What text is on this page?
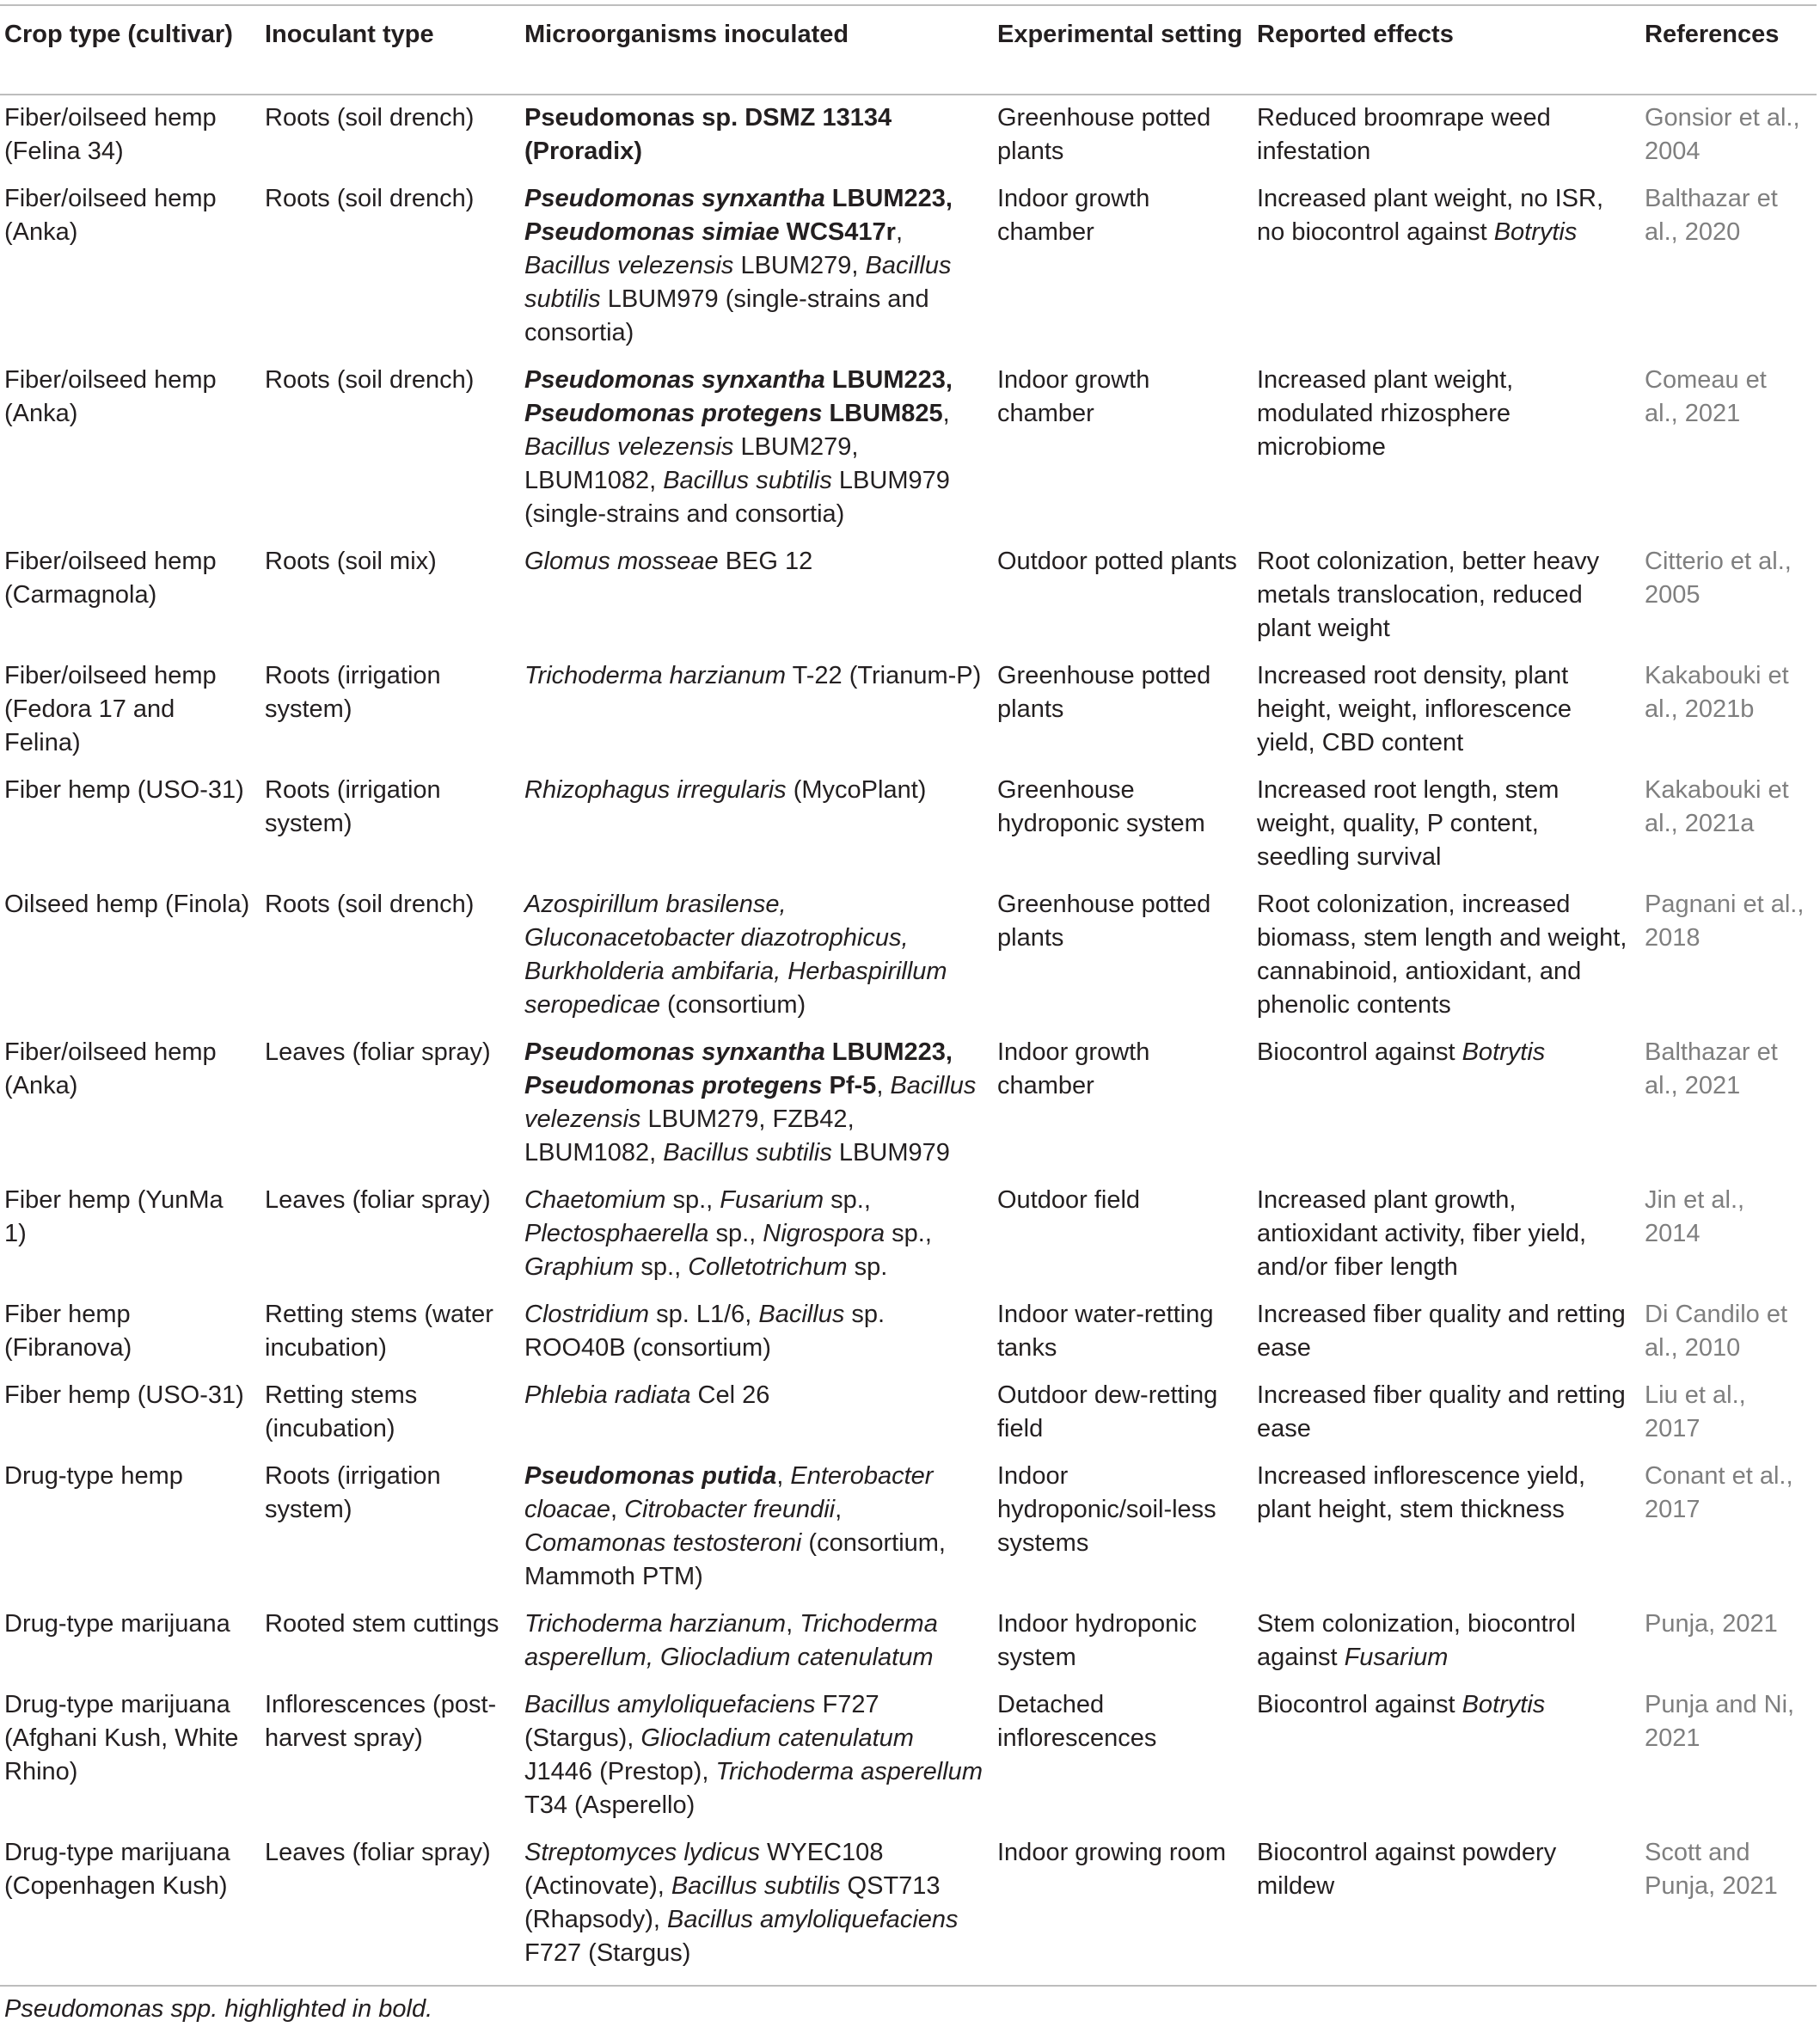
Crop type (cultivar)	Inoculant type	Microorganisms inoculated	Experimental setting	Reported effects	References
Fiber/oilseed hemp (Felina 34)	Roots (soil drench)	Pseudomonas sp. DSMZ 13134 (Proradix)	Greenhouse potted plants	Reduced broomrape weed infestation	Gonsior et al., 2004
Fiber/oilseed hemp (Anka)	Roots (soil drench)	Pseudomonas synxantha LBUM223, Pseudomonas simiae WCS417r, Bacillus velezensis LBUM279, Bacillus subtilis LBUM979 (single-strains and consortia)	Indoor growth chamber	Increased plant weight, no ISR, no biocontrol against Botrytis	Balthazar et al., 2020
Fiber/oilseed hemp (Anka)	Roots (soil drench)	Pseudomonas synxantha LBUM223, Pseudomonas protegens LBUM825, Bacillus velezensis LBUM279, LBUM1082, Bacillus subtilis LBUM979 (single-strains and consortia)	Indoor growth chamber	Increased plant weight, modulated rhizosphere microbiome	Comeau et al., 2021
Fiber/oilseed hemp (Carmagnola)	Roots (soil mix)	Glomus mosseae BEG 12	Outdoor potted plants	Root colonization, better heavy metals translocation, reduced plant weight	Citterio et al., 2005
Fiber/oilseed hemp (Fedora 17 and Felina)	Roots (irrigation system)	Trichoderma harzianum T-22 (Trianum-P)	Greenhouse potted plants	Increased root density, plant height, weight, inflorescence yield, CBD content	Kakabouki et al., 2021b
Fiber hemp (USO-31)	Roots (irrigation system)	Rhizophagus irregularis (MycoPlant)	Greenhouse hydroponic system	Increased root length, stem weight, quality, P content, seedling survival	Kakabouki et al., 2021a
Oilseed hemp (Finola)	Roots (soil drench)	Azospirillum brasilense, Gluconacetobacter diazotrophicus, Burkholderia ambifaria, Herbaspirillum seropedicae (consortium)	Greenhouse potted plants	Root colonization, increased biomass, stem length and weight, cannabinoid, antioxidant, and phenolic contents	Pagnani et al., 2018
Fiber/oilseed hemp (Anka)	Leaves (foliar spray)	Pseudomonas synxantha LBUM223, Pseudomonas protegens Pf-5, Bacillus velezensis LBUM279, FZB42, LBUM1082, Bacillus subtilis LBUM979	Indoor growth chamber	Biocontrol against Botrytis	Balthazar et al., 2021
Fiber hemp (YunMa 1)	Leaves (foliar spray)	Chaetomium sp., Fusarium sp., Plectosphaerella sp., Nigrospora sp., Graphium sp., Colletotrichum sp.	Outdoor field	Increased plant growth, antioxidant activity, fiber yield, and/or fiber length	Jin et al., 2014
Fiber hemp (Fibranova)	Retting stems (water incubation)	Clostridium sp. L1/6, Bacillus sp. ROO40B (consortium)	Indoor water-retting tanks	Increased fiber quality and retting ease	Di Candilo et al., 2010
Fiber hemp (USO-31)	Retting stems (incubation)	Phlebia radiata Cel 26	Outdoor dew-retting field	Increased fiber quality and retting ease	Liu et al., 2017
Drug-type hemp	Roots (irrigation system)	Pseudomonas putida, Enterobacter cloacae, Citrobacter freundii, Comamonas testosteroni (consortium, Mammoth PTM)	Indoor hydroponic/soil-less systems	Increased inflorescence yield, plant height, stem thickness	Conant et al., 2017
Drug-type marijuana	Rooted stem cuttings	Trichoderma harzianum, Trichoderma asperellum, Gliocladium catenulatum	Indoor hydroponic system	Stem colonization, biocontrol against Fusarium	Punja, 2021
Drug-type marijuana (Afghani Kush, White Rhino)	Inflorescences (post-harvest spray)	Bacillus amyloliquefaciens F727 (Stargus), Gliocladium catenulatum J1446 (Prestop), Trichoderma asperellum T34 (Asperello)	Detached inflorescences	Biocontrol against Botrytis	Punja and Ni, 2021
Drug-type marijuana (Copenhagen Kush)	Leaves (foliar spray)	Streptomyces lydicus WYEC108 (Actinovate), Bacillus subtilis QST713 (Rhapsody), Bacillus amyloliquefaciens F727 (Stargus)	Indoor growing room	Biocontrol against powdery mildew	Scott and Punja, 2021
Pseudomonas spp. highlighted in bold.
